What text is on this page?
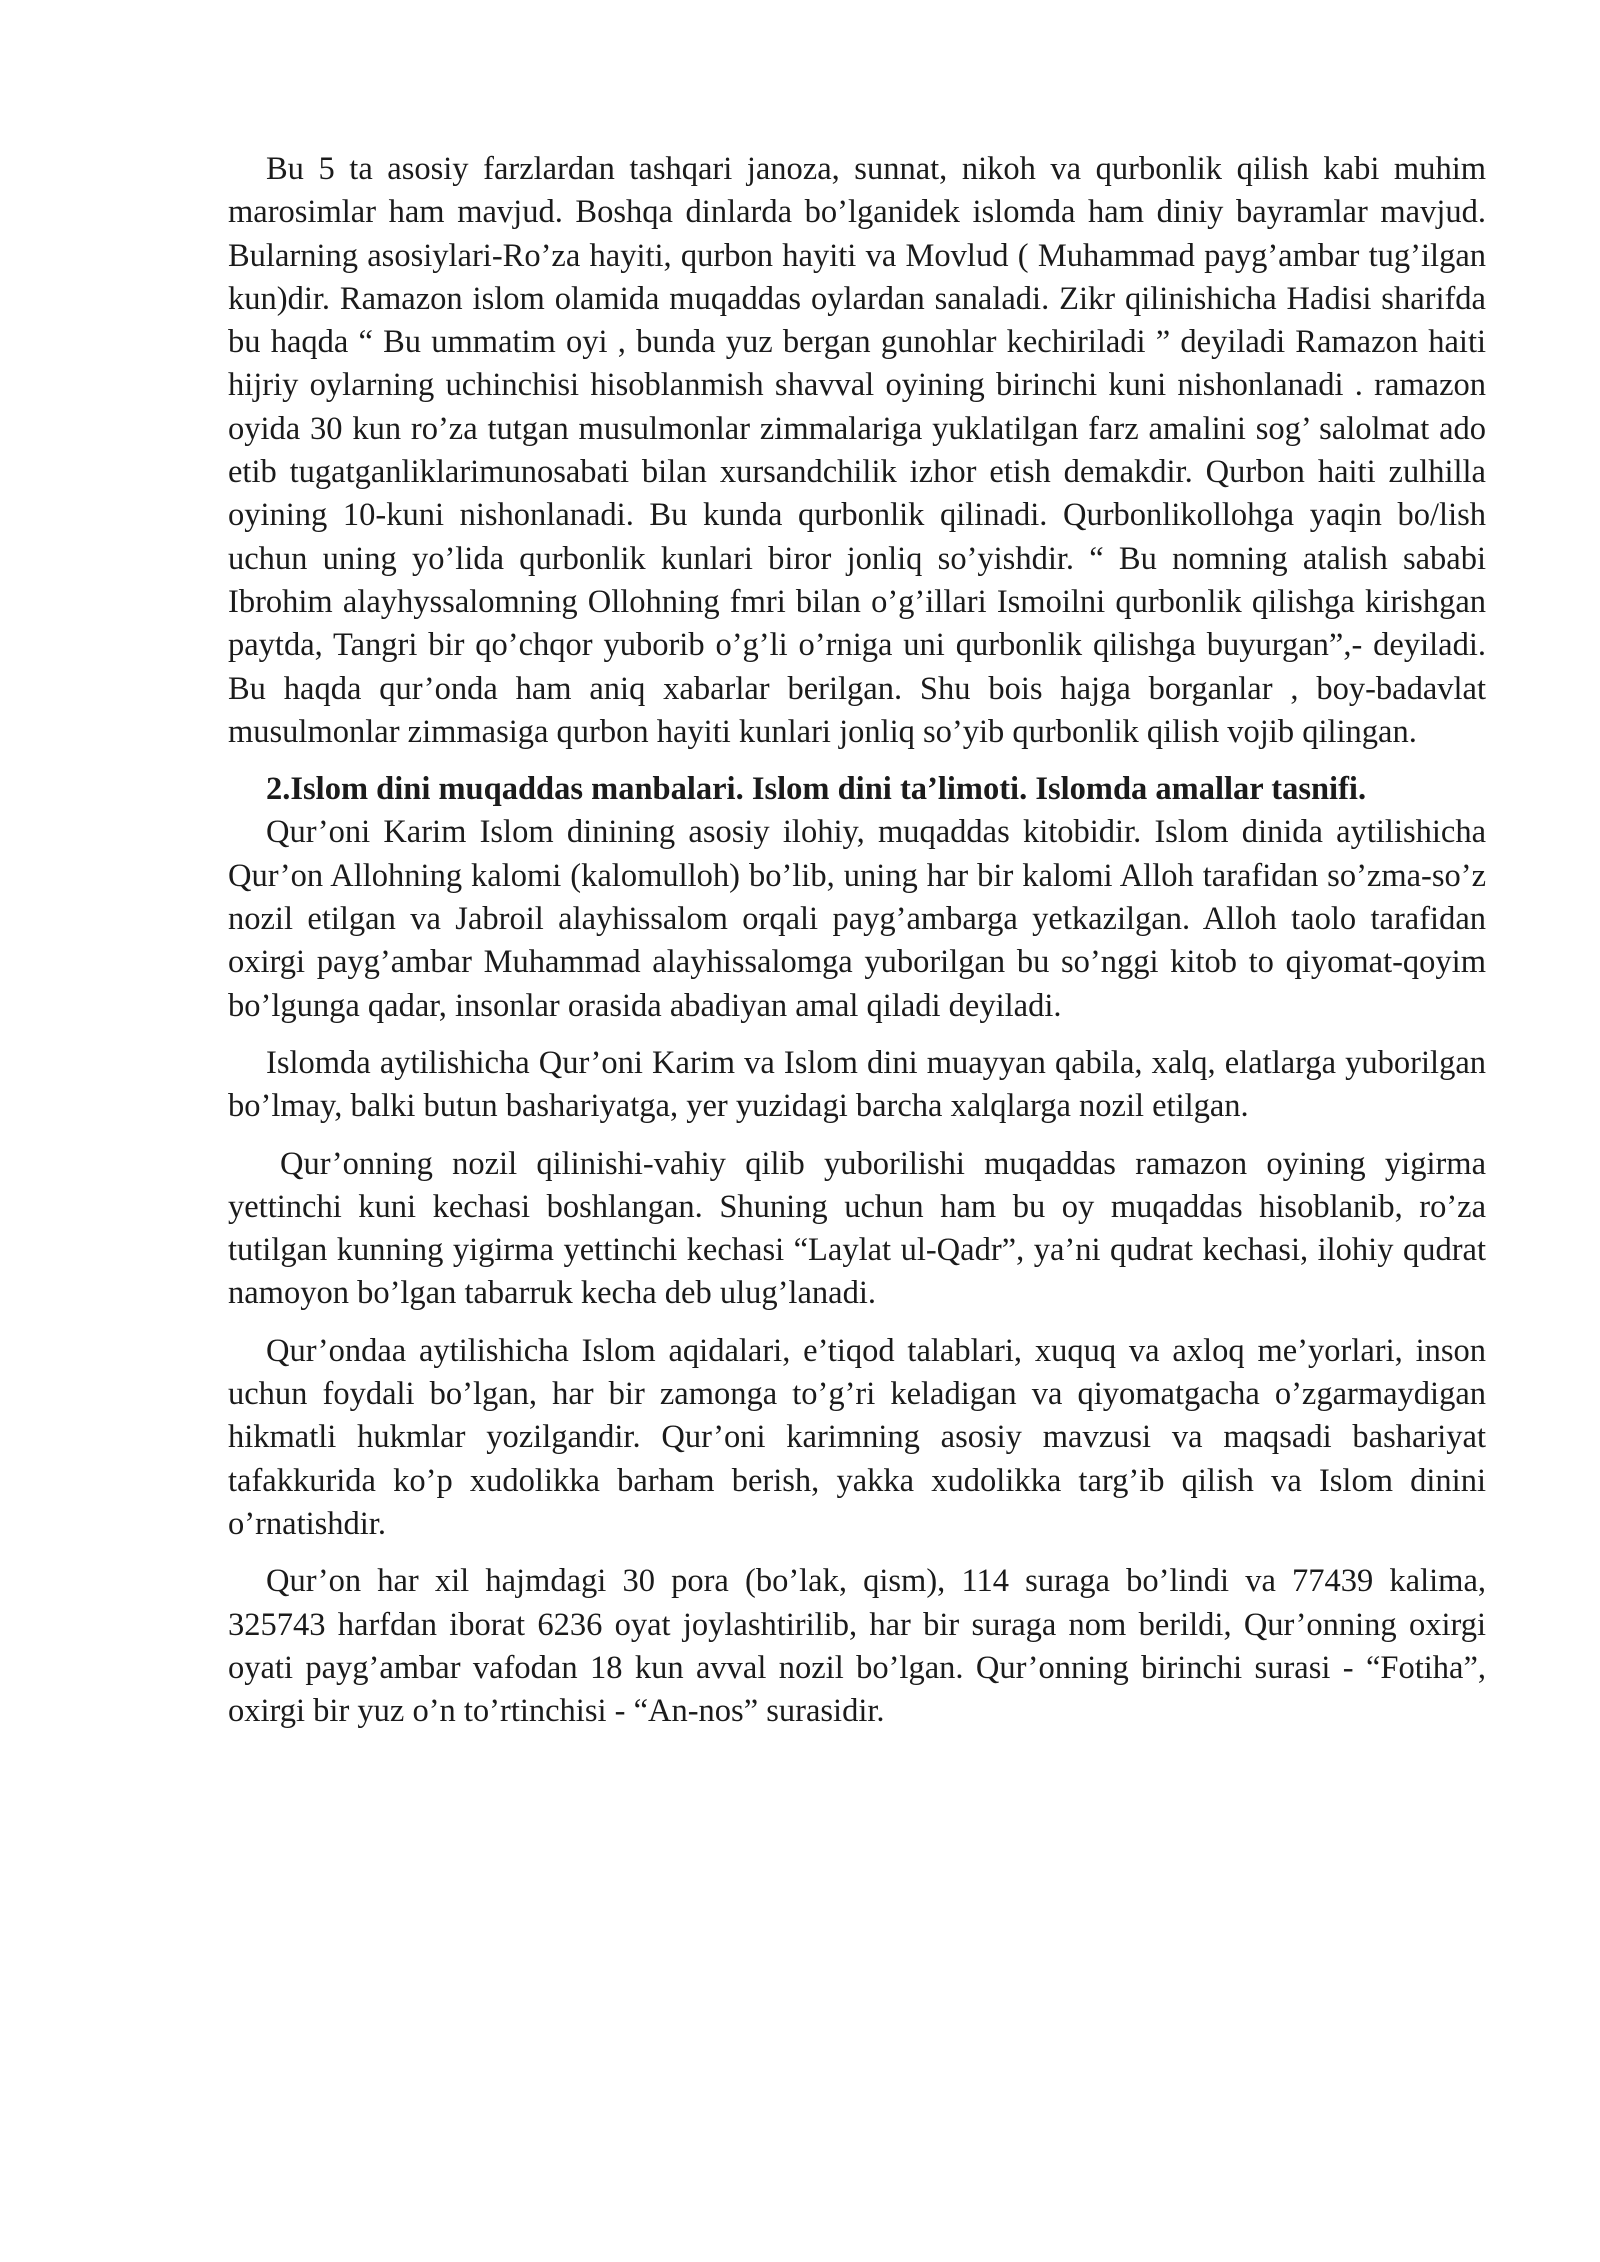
Bu 5 ta asosiy farzlardan tashqari janoza, sunnat, nikoh va qurbonlik qilish kabi muhim marosimlar ham mavjud. Boshqa dinlarda bo’lganidek islomda ham diniy bayramlar mavjud. Bularning asosiylari-Ro’za hayiti, qurbon hayiti va Movlud ( Muhammad payg’ambar tug’ilgan kun)dir. Ramazon islom olamida muqaddas oylardan sanaladi. Zikr qilinishicha Hadisi sharifda bu haqda “ Bu ummatim oyi , bunda yuz bergan gunohlar kechiriladi ” deyiladi Ramazon haiti hijriy oylarning uchinchisi hisoblanmish shavval oyining birinchi kuni nishonlanadi . ramazon oyida 30 kun ro’za tutgan musulmonlar zimmalariga yuklatilgan farz amalini sog’ salolmat ado etib tugatganliklarimunosabati bilan xursandchilik izhor etish demakdir. Qurbon haiti zulhilla oyining 10-kuni nishonlanadi. Bu kunda qurbonlik qilinadi. Qurbonlikollohga yaqin bo/lish uchun uning yo’lida qurbonlik kunlari biror jonliq so’yishdir. “ Bu nomning atalish sababi Ibrohim alayhyssalomning Ollohning fmri bilan o’g’illari Ismoilni qurbonlik qilishga kirishgan paytda, Tangri bir qo’chqor yuborib o’g’li o’rniga uni qurbonlik qilishga buyurgan”,- deyiladi. Bu haqda qur’onda ham aniq xabarlar berilgan. Shu bois hajga borganlar , boy-badavlat musulmonlar zimmasiga qurbon hayiti kunlari jonliq so’yib qurbonlik qilish vojib qilingan.

2.Islom dini muqaddas manbalari. Islom dini ta’limoti. Islomda amallar tasnifi.

Qur’oni Karim Islom dinining asosiy ilohiy, muqaddas kitobidir. Islom dinida aytilishicha Qur’on Allohning kalomi (kalomulloh) bo’lib, uning har bir kalomi Alloh tarafidan so’zma-so’z nozil etilgan va Jabroil alayhissalom orqali payg’ambarga yetkazilgan. Alloh taolo tarafidan oxirgi payg’ambar Muhammad alayhissalomga yuborilgan bu so’nggi kitob to qiyomat-qoyim bo’lgunga qadar, insonlar orasida abadiyan amal qiladi deyiladi.

Islomda aytilishicha Qur’oni Karim va Islom dini muayyan qabila, xalq, elatlarga yuborilgan bo’lmay, balki butun bashariyatga, yer yuzidagi barcha xalqlarga nozil etilgan.

Qur’onning nozil qilinishi-vahiy qilib yuborilishi muqaddas ramazon oyining yigirma yettinchi kuni kechasi boshlangan. Shuning uchun ham bu oy muqaddas hisoblanib, ro’za tutilgan kunning yigirma yettinchi kechasi “Laylat ul-Qadr”, ya’ni qudrat kechasi, ilohiy qudrat namoyon bo’lgan tabarruk kecha deb ulug’lanadi.

Qur’ondaa aytilishicha Islom aqidalari, e’tiqod talablari, xuquq va axloq me’yorlari, inson uchun foydali bo’lgan, har bir zamonga to’g’ri keladigan va qiyomatgacha o’zgarmaydigan hikmatli hukmlar yozilgandir. Qur’oni karimning asosiy mavzusi va maqsadi bashariyat tafakkurida ko’p xudolikka barham berish, yakka xudolikka targ’ib qilish va Islom dinini o’rnatishdir.

Qur’on har xil hajmdagi 30 pora (bo’lak, qism), 114 suraga bo’lindi va 77439 kalima, 325743 harfdan iborat 6236 oyat joylashtirilib, har bir suraga nom berildi, Qur’onning oxirgi oyati payg’ambar vafodan 18 kun avval nozil bo’lgan. Qur’onning birinchi surasi - “Fotiha”, oxirgi bir yuz o’n to’rtinchisi - “An-nos” surasidir.
